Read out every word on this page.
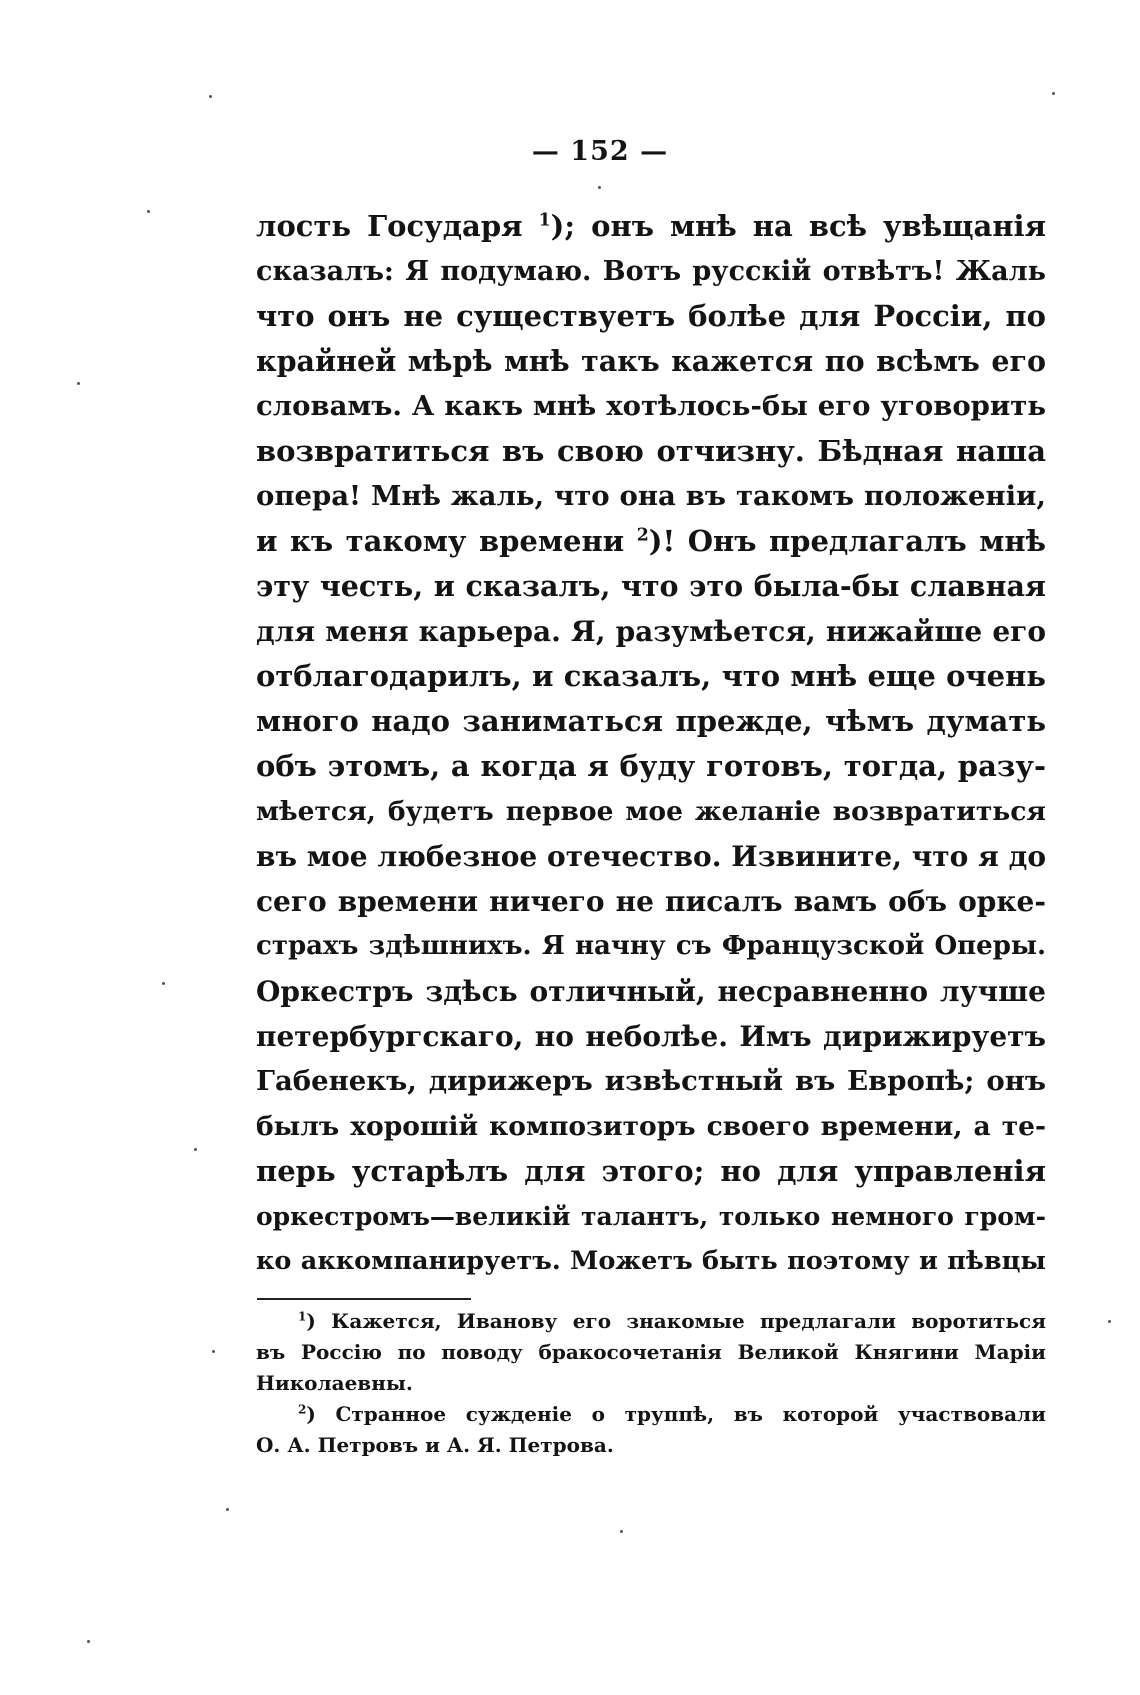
— 152 —
лость Государя $^1$); онъ мнѣ на всѣ увѣщанія
сказалъ: Я подумаю. Вотъ русскій отвѣтъ! Жаль
что онъ не существуетъ болѣе для Россіи, по
крайней мѣрѣ мнѣ такъ кажется по всѣмъ его
словамъ. А какъ мнѣ хотѣлось-бы его уговорить
возвратиться въ свою отчизну. Бѣдная наша
опера! Мнѣ жаль, что она въ такомъ положеніи,
и къ такому времени $^2$)! Онъ предлагалъ мнѣ
эту честь, и сказалъ, что это была-бы славная
для меня карьера. Я, разумѣется, нижайше его
отблагодарилъ, и сказалъ, что мнѣ еще очень
много надо заниматься прежде, чѣмъ думать
объ этомъ, а когда я буду готовъ, тогда, разу-
мѣется, будетъ первое мое желаніе возвратиться
въ мое любезное отечество. Извините, что я до
сего времени ничего не писалъ вамъ объ орке-
страхъ здѣшнихъ. Я начну съ Французской Оперы.
Оркестръ здѣсь отличный, несравненно лучше
петербургскаго, но неболѣе. Имъ дирижируетъ
Габенекъ, дирижеръ извѣстный въ Европѣ; онъ
былъ хорошій композиторъ своего времени, а те-
перь устарѣлъ для этого; но для управленія
оркестромъ—великій талантъ, только немного гром-
ко аккомпанируетъ. Можетъ быть поэтому и пѣвцы
$^1$) Кажется, Иванову его знакомые предлагали воротиться
въ Россію по поводу бракосочетанія Великой Княгини Маріи
Николаевны.
$^2$) Странное сужденіе о труппѣ, въ которой участвовали
О. А. Петровъ и А. Я. Петрова.
